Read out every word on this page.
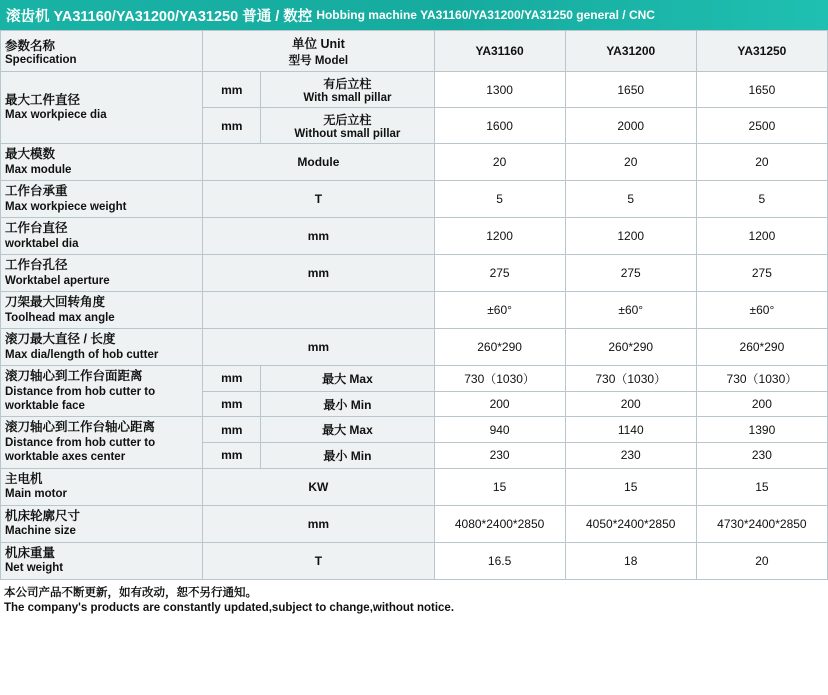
滚齿机 YA31160/YA31200/YA31250 普通 / 数控 Hobbing machine YA31160/YA31200/YA31250 general / CNC
参数名称
Specification	单位 Unit
型号 Model		YA31160	YA31200	YA31250

最大工件直径
Max workpiece dia	mm	有后立柱
With small pillar	1300	1650	1650
	mm	无后立柱
Without small pillar	1600	2000	2500

最大模数
Max module	Module		20	20	20

工作台承重
Max workpiece weight	T		5	5	5

工作台直径
worktabel dia	mm		1200	1200	1200

工作台孔径
Worktabel aperture	mm		275	275	275

刀架最大回转角度
Toolhead max angle			±60°	±60°	±60°

滚刀最大直径 / 长度
Max dia/length of hob cutter	mm		260*290	260*290	260*290

滚刀轴心到工作台面距离
Distance from hob cutter to worktable face	mm	最大 Max	730（1030）	730（1030）	730（1030）
	mm	最小 Min	200	200	200

滚刀轴心到工作台轴心距离
Distance from hob cutter to worktable axes center	mm	最大 Max	940	1140	1390
	mm	最小 Min	230	230	230

主电机
Main motor	KW		15	15	15

机床轮廓尺寸
Machine size	mm		4080*2400*2850	4050*2400*2850	4730*2400*2850

机床重量
Net weight	T		16.5	18	20
本公司产品不断更新，如有改动，恕不另行通知。
The company's products are constantly updated,subject to change,without notice.
